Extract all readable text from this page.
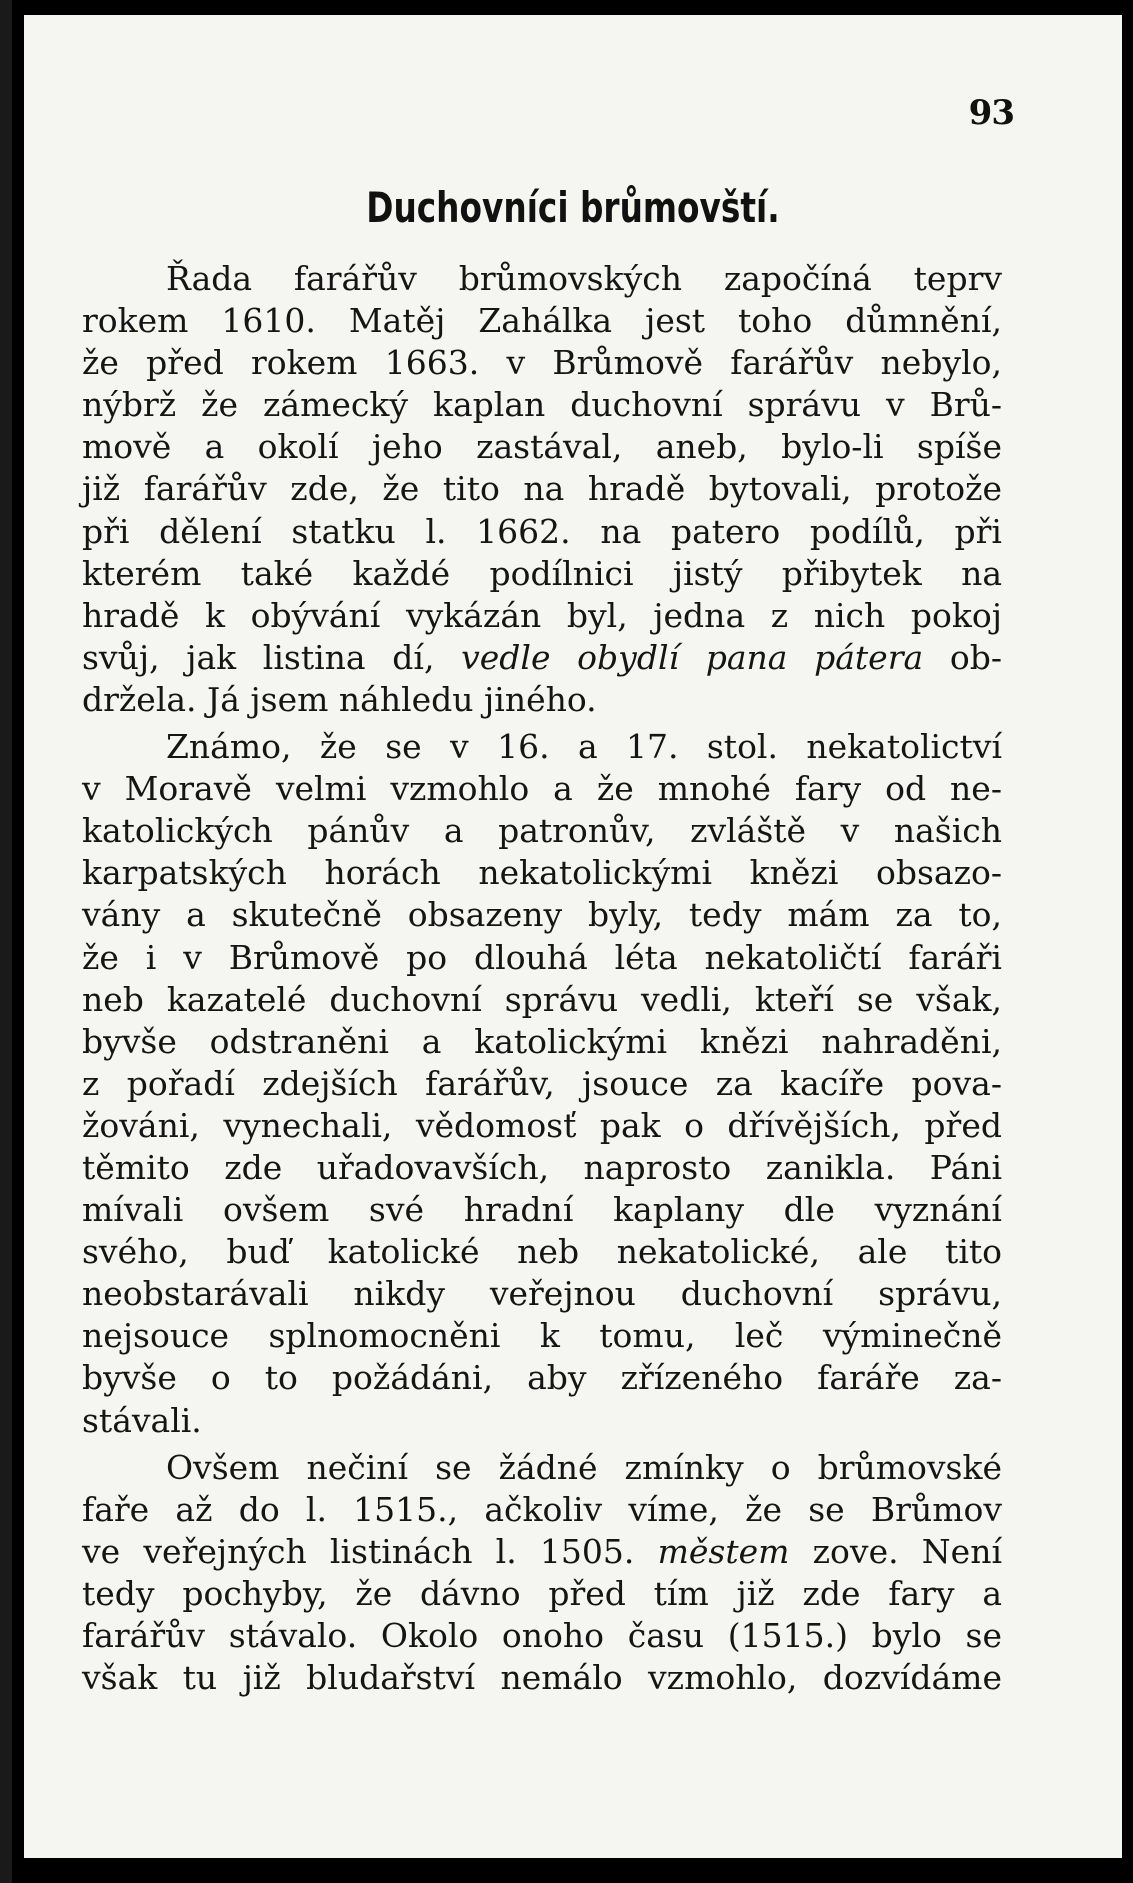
93
Duchovníci brůmovští.
Řada farářův brůmovských započíná teprv
rokem 1610. Matěj Zahálka jest toho důmnění,
že před rokem 1663. v Brůmově farářův nebylo,
nýbrž že zámecký kaplan duchovní správu v Brů-
mově a okolí jeho zastával, aneb, bylo-li spíše
již farářův zde, že tito na hradě bytovali, protože
při dělení statku l. 1662. na patero podílů, při
kterém také každé podílnici jistý přibytek na
hradě k obývání vykázán byl, jedna z nich pokoj
svůj, jak listina dí, vedle obydlí pana pátera ob-
držela. Já jsem náhledu jiného.
Známo, že se v 16. a 17. stol. nekatolictví
v Moravě velmi vzmohlo a že mnohé fary od ne-
katolických pánův a patronův, zvláště v našich
karpatských horách nekatolickými knězi obsazo-
vány a skutečně obsazeny byly, tedy mám za to,
že i v Brůmově po dlouhá léta nekatoličtí faráři
neb kazatelé duchovní správu vedli, kteří se však,
byvše odstraněni a katolickými knězi nahraděni,
z pořadí zdejších farářův, jsouce za kacíře pova-
žováni, vynechali, vědomosť pak o dřívějších, před
těmito zde uřadovavších, naprosto zanikla. Páni
mívali ovšem své hradní kaplany dle vyznání
svého, buď katolické neb nekatolické, ale tito
neobstarávali nikdy veřejnou duchovní správu,
nejsouce splnomocněni k tomu, leč výminečně
byvše o to požádáni, aby zřízeného faráře za-
stávali.
Ovšem nečiní se žádné zmínky o brůmovské
faře až do l. 1515., ačkoliv víme, že se Brůmov
ve veřejných listinách l. 1505. městem zove. Není
tedy pochyby, že dávno před tím již zde fary a
farářův stávalo. Okolo onoho času (1515.) bylo se
však tu již bludařství nemálo vzmohlo, dozvídáme
